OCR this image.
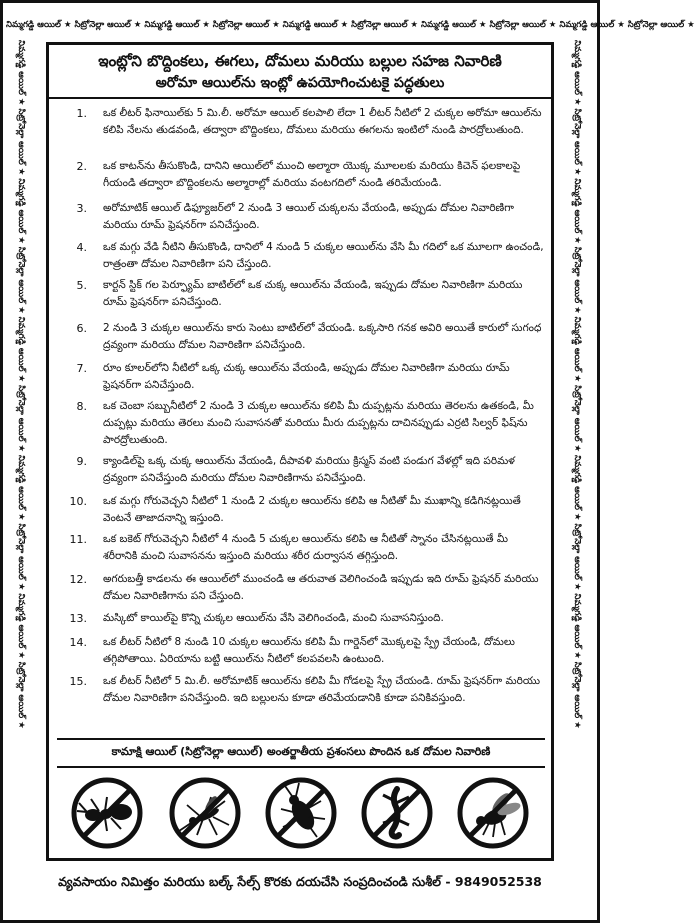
నిమ్మగడ్డి ఆయిల్ ★ సిట్రోనెల్లా ఆయిల్ ★ నిమ్మగడ్డి ఆయిల్ ★ సిట్రోనెల్లా ఆయిల్ ★ నిమ్మగడ్డి ఆయిల్ ★ సిట్రోనెల్లా ఆయిల్ ★ నిమ్మగడ్డి ఆయిల్ ★ సిట్రోనెల్లా ఆయిల్ ★ నిమ్మగడ్డి ఆయిల్ ★ సిట్రోనెల్లా ఆయిల్ ★
నిమ్మగడ్డి ఆయిల్ ★ సిట్రోనెల్లా ఆయిల్ ★ నిమ్మగడ్డి ఆయిల్ ★ సిట్రోనెల్లా ఆయిల్ ★ నిమ్మగడ్డి ఆయిల్ ★ సిట్రోనెల్లా ఆయిల్ ★ నిమ్మగడ్డి ఆయిల్ ★ సిట్రోనెల్లా ఆయిల్ ★ నిమ్మగడ్డి ఆయిల్ ★ సిట్రోనెల్లా ఆయిల్ ★	నిమ్మగడ్డి ఆయిల్ ★ సిట్రోనెల్లా ఆయిల్ ★ నిమ్మగడ్డి ఆయిల్ ★ సిట్రోనెల్లా ఆయిల్ ★ నిమ్మగడ్డి ఆయిల్ ★ సిట్రోనెల్లా ఆయిల్ ★ నిమ్మగడ్డి ఆయిల్ ★ సిట్రోనెల్లా ఆయిల్ ★ నిమ్మగడ్డి ఆయిల్ ★ సిట్రోనెల్లా ఆయిల్ ★
ఇంట్లోని బొద్దింకలు, ఈగలు, దోమలు మరియు బల్లుల సహజ నివారిణి
అరోమా ఆయిల్‌ను ఇంట్లో ఉపయోగించుటకై పద్ధతులు
1. ఒక లీటర్ ఫినాయిల్‌కు 5 మి.లీ. అరోమా ఆయిల్ కలపాలి లేదా 1 లీటర్ నీటిలో 2 చుక్కల అరోమా ఆయిల్‌ను కలిపి నేలను తుడవండి, తద్వారా బొద్దింకలు, దోమలు మరియు ఈగలను ఇంటిలో నుండి పారద్రోలుతుంది.
2. ఒక కాటన్‌ను తీసుకొండి, దానిని ఆయిల్‌లో ముంచి అల్మారా యొక్క మూలలకు మరియు కిచెన్ ఫలకాలపై గీయండి తద్వారా బొద్దింకలను అల్మారాల్లో మరియు వంటగదిలో నుండి తరిమేయండి.
3. అరోమాటిక్ ఆయిల్ డిఫ్యూజర్‌లో 2 నుండి 3 ఆయిల్ చుక్కలను వేయండి, అప్పుడు దోమల నివారిణిగా మరియు రూమ్ ఫ్రెషనర్‌గా పనిచేస్తుంది.
4. ఒక మగ్గు వేడి నీటిని తీసుకొండి, దానిలో 4 నుండి 5 చుక్కల ఆయిల్‌ను వేసి మీ గదిలో ఒక మూలగా ఉంచండి, రాత్రంతా దోమల నివారిణిగా పని చేస్తుంది.
5. కార్టన్ స్టిక్ గల పెర్ఫ్యూమ్ బాటిల్‌లో ఒక చుక్క ఆయిల్‌ను వేయండి, ఇప్పుడు దోమల నివారిణిగా మరియు రూమ్ ఫ్రెషనర్‌గా పనిచేస్తుంది.
6. 2 నుండి 3 చుక్కల ఆయిల్‌ను కారు సెంటు బాటిల్‌లో వేయండి. ఒక్కసారి గనక అవిరి అయితే కారులో సుగంధ ద్రవ్యంగా మరియు దోమల నివారిణిగా పనిచేస్తుంది.
7. రూం కూలర్‌లోని నీటిలో ఒక్క చుక్క ఆయిల్‌ను వేయండి, అప్పుడు దోమల నివారిణిగా మరియు రూమ్ ఫ్రెషనర్‌గా పనిచేస్తుంది.
8. ఒక చెంబా సబ్బునీటిలో 2 నుండి 3 చుక్కల ఆయిల్‌ను కలిపి మీ దుప్పట్లను మరియు తెరలను ఉతకండి, మీ దుప్పట్లు మరియు తెరలు మంచి సువాసనతో మరియు మీరు దుప్పట్లను దాచినప్పుడు ఎర్రటి సిల్వర్ ఫిష్‌ను పారద్రోలుతుంది.
9. క్యాండిల్‌పై ఒక్క చుక్క ఆయిల్‌ను వేయండి, దీపావళి మరియు క్రిస్మస్ వంటి పండుగ వేళల్లో ఇది పరిమళ ద్రవ్యంగా పనిచేస్తుంది మరియు దోమల నివారిణిగాను పనిచేస్తుంది.
10. ఒక మగ్గు గోరువెచ్చని నీటిలో 1 నుండి 2 చుక్కల ఆయిల్‌ను కలిపి ఆ నీటితో మీ ముఖాన్ని కడిగినట్లయితే వెంటనే తాజాదనాన్ని ఇస్తుంది.
11. ఒక బకెట్ గోరువెచ్చని నీటిలో 4 నుండి 5 చుక్కల ఆయిల్‌ను కలిపి ఆ నీటితో స్నానం చేసినట్లయితే మీ శరీరానికి మంచి సువాసనను ఇస్తుంది మరియు శరీర దుర్వాసన తగ్గిస్తుంది.
12. అగరుబత్తీ కాడలను ఈ ఆయిల్‌లో ముంచండి ఆ తరువాత వెలిగించండి ఇప్పుడు ఇది రూమ్ ఫ్రెషనర్ మరియు దోమల నివారిణిగాను పని చేస్తుంది.
13. మస్కిటో కాయిల్‌పై కొన్ని చుక్కల ఆయిల్‌ను వేసి వెలిగించండి, మంచి సువాసనిస్తుంది.
14. ఒక లీటర్ నీటిలో 8 నుండి 10 చుక్కల ఆయిల్‌ను కలిపి మీ గార్డెన్‌లో మొక్కలపై స్ప్రే చేయండి, దోమలు తగ్గిపోతాయి. ఏరియాను బట్టి ఆయిల్‌ను నీటిలో కలపవలసి ఉంటుంది.
15. ఒక లీటర్ నీటిలో 5 మి.లీ. అరోమాటిక్ ఆయిల్‌ను కలిపి మీ గోడలపై స్ప్రే చేయండి. రూమ్ ఫ్రెషనర్‌గా మరియు దోమల నివారిణిగా పనిచేస్తుంది. ఇది బల్లులను కూడా తరిమేయడానికి కూడా పనికివస్తుంది.
కామాక్షి ఆయిల్ (సిట్రోనెల్లా ఆయిల్) అంతర్జాతీయ ప్రశంసలు పొందిన ఒక దోమల నివారిణి
వ్యవసాయం నిమిత్తం మరియు బల్క్ సేల్స్ కొరకు దయచేసి సంప్రదించండి సుశీల్ - 9849052538
